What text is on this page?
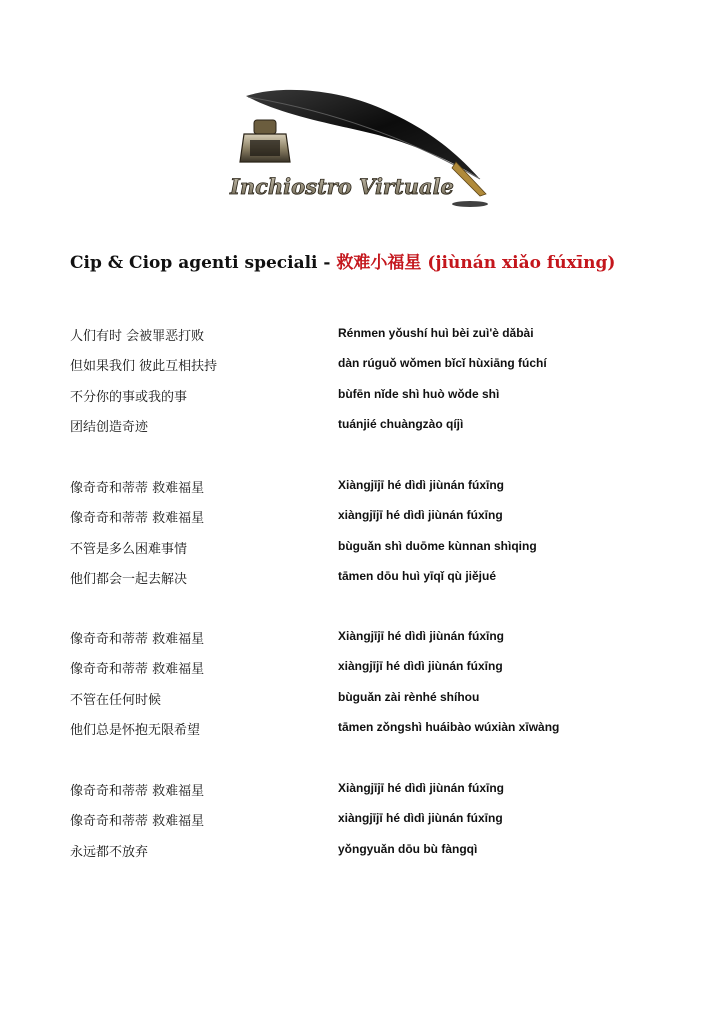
Inchiostro Virtuale
Cip & Ciop agenti speciali - 救难小福星 (jiùnán xiǎo fúxīng)
人们有时 会被罪恶打败	Rénmen yǒushí huì bèi zuì'è dǎbài
但如果我们 彼此互相扶持	dàn rúguǒ wǒmen bǐcǐ hùxiāng fúchí
不分你的事或我的事	bùfēn nǐde shì huò wǒde shì
团结创造奇迹	tuánjié chuàngzào qíjì
像奇奇和蒂蒂 救难福星	Xiàngjījī hé dìdì jiùnán fúxīng
像奇奇和蒂蒂 救难福星	xiàngjījī hé dìdì jiùnán fúxīng
不管是多么困难事情	bùguǎn shì duōme kùnnan shìqing
他们都会一起去解决	tāmen dōu huì yīqǐ qù jiějué
像奇奇和蒂蒂 救难福星	Xiàngjījī hé dìdì jiùnán fúxīng
像奇奇和蒂蒂 救难福星	xiàngjījī hé dìdì jiùnán fúxīng
不管在任何时候	bùguǎn zài rènhé shíhou
他们总是怀抱无限希望	tāmen zǒngshì huáibào wúxiàn xīwàng
像奇奇和蒂蒂 救难福星	Xiàngjījī hé dìdì jiùnán fúxīng
像奇奇和蒂蒂 救难福星	xiàngjījī hé dìdì jiùnán fúxīng
永远都不放弃	yǒngyuǎn dōu bù fàngqì
